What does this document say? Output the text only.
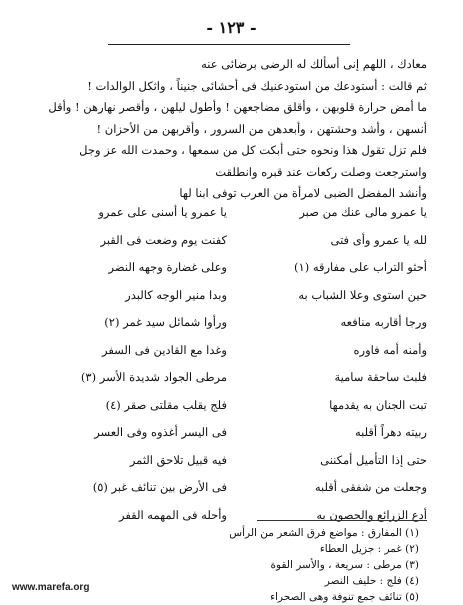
- ١٢٣ -
معادك ، اللهم إنى أسألك له الرضى برضائى عنه
ثم قالت : أستودعك من استودعنيك فى أحشائى جنيناً ، واثكل الوالدات !
ما أمض حرارة قلوبهن ، وأقلق مضاجعهن ! وأطول ليلهن ، وأقصر نهارهن ! وأقل
أنسهن ، وأشد وحشتهن ، وأبعدهن من السرور ، وأقربهن من الأحزان !
فلم تزل تقول هذا ونحوه حتى أبكت كل من سمعها ، وحمدت الله عز وجل
واسترجعت وصلت ركعات عند قبره وانطلقت
وأنشد المفضل الضبى لامرأة من العرب توفى ابنا لها
يا عمرو مالى عنك من صبر
يا عمرو يا أسنى على عمرو
لله يا عمرو وأى فتى
كفنت يوم وضعت فى القبر
أحثو التراب على مفارقه (١)
وعلى غضارة وجهه النضر
حين استوى وعلا الشباب به
وبدا منير الوجه كالبدر
ورجا أقاربه منافعه
ورأوا شمائل سيد غمر (٢)
وأمنه أمه فاوره
وغدا مع القادين فى السفر
فلبث ساحقة سامية
مرطى الجواد شديدة الأسر (٣)
تبت الجنان به يقدمها
فلج يقلب مقلتى صقر (٤)
ربيته دهراً أقلبه
فى اليسر أغذوه وفى العسر
حتى إذا التأميل أمكننى
فيه قبيل تلاحق الثمر
وجعلت من شفقى أقلبه
فى الأرض بين تنائف غبر (٥)
أدع الزرائع والحصون به
وأحله فى المهمه القفر
(١) المفارق : مواضع فرق الشعر من الرأس
(٢) غمر : جزيل العطاء
(٣) مرطى : سريعة ، والأسر القوة
(٤) فلج : حليف النصر
(٥) تنائف جمع تنوفة وهى الصحراء
www.marefa.org
